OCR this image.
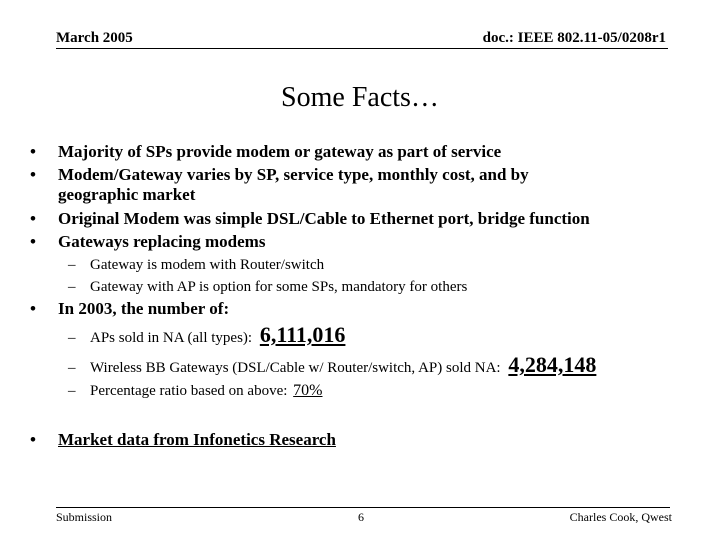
March 2005	doc.: IEEE 802.11-05/0208r1
Some Facts…
• Majority of SPs provide modem or gateway as part of service
• Modem/Gateway varies by SP, service type, monthly cost, and by
geographic market
• Original Modem was simple DSL/Cable to Ethernet port, bridge function
• Gateways replacing modems
– Gateway is modem with Router/switch
– Gateway with AP is option for some SPs, mandatory for others
• In 2003, the number of:
– APs sold in NA (all types): 6,111,016
– Wireless BB Gateways (DSL/Cable w/ Router/switch, AP) sold NA: 4,284,148
– Percentage ratio based on above: 70%
• Market data from Infonetics Research
Submission	6	Charles Cook, Qwest
